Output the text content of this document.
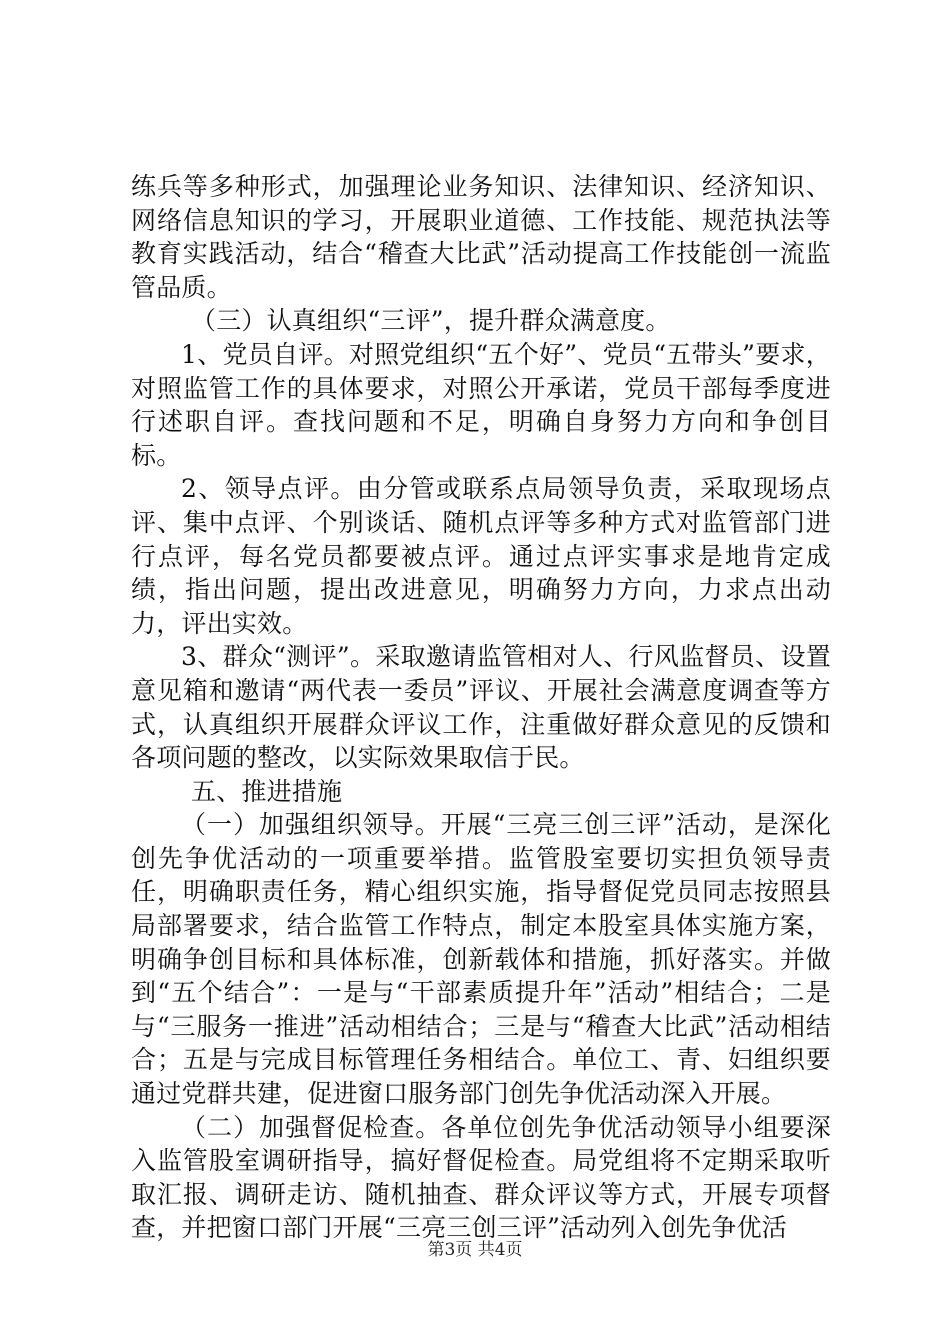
练兵等多种形式，加强理论业务知识、法律知识、经济知识、网络信息知识的学习，开展职业道德、工作技能、规范执法等教育实践活动，结合“稽查大比武”活动提高工作技能创一流监管品质。

（三）认真组织“三评”，提升群众满意度。

1、党员自评。对照党组织“五个好”、党员“五带头”要求，对照监管工作的具体要求，对照公开承诺，党员干部每季度进行述职自评。查找问题和不足，明确自身努力方向和争创目标。

2、领导点评。由分管或联系点局领导负责，采取现场点评、集中点评、个别谈话、随机点评等多种方式对监管部门进行点评，每名党员都要被点评。通过点评实事求是地肯定成绩，指出问题，提出改进意见，明确努力方向，力求点出动力，评出实效。

3、群众“测评”。采取邀请监管相对人、行风监督员、设置意见箱和邀请“两代表一委员”评议、开展社会满意度调查等方式，认真组织开展群众评议工作，注重做好群众意见的反馈和各项问题的整改，以实际效果取信于民。

五、推进措施

（一）加强组织领导。开展“三亮三创三评”活动，是深化创先争优活动的一项重要举措。监管股室要切实担负领导责任，明确职责任务，精心组织实施，指导督促党员同志按照县局部署要求，结合监管工作特点，制定本股室具体实施方案，明确争创目标和具体标准，创新载体和措施，抓好落实。并做到“五个结合”：一是与“干部素质提升年”活动”相结合；二是与“三服务一推进”活动相结合；三是与“稽查大比武”活动相结合；五是与完成目标管理任务相结合。单位工、青、妇组织要通过党群共建，促进窗口服务部门创先争优活动深入开展。

（二）加强督促检查。各单位创先争优活动领导小组要深入监管股室调研指导，搞好督促检查。局党组将不定期采取听取汇报、调研走访、随机抽查、群众评议等方式，开展专项督查，并把窗口部门开展“三亮三创三评”活动列入创先争优活

第3页 共4页
